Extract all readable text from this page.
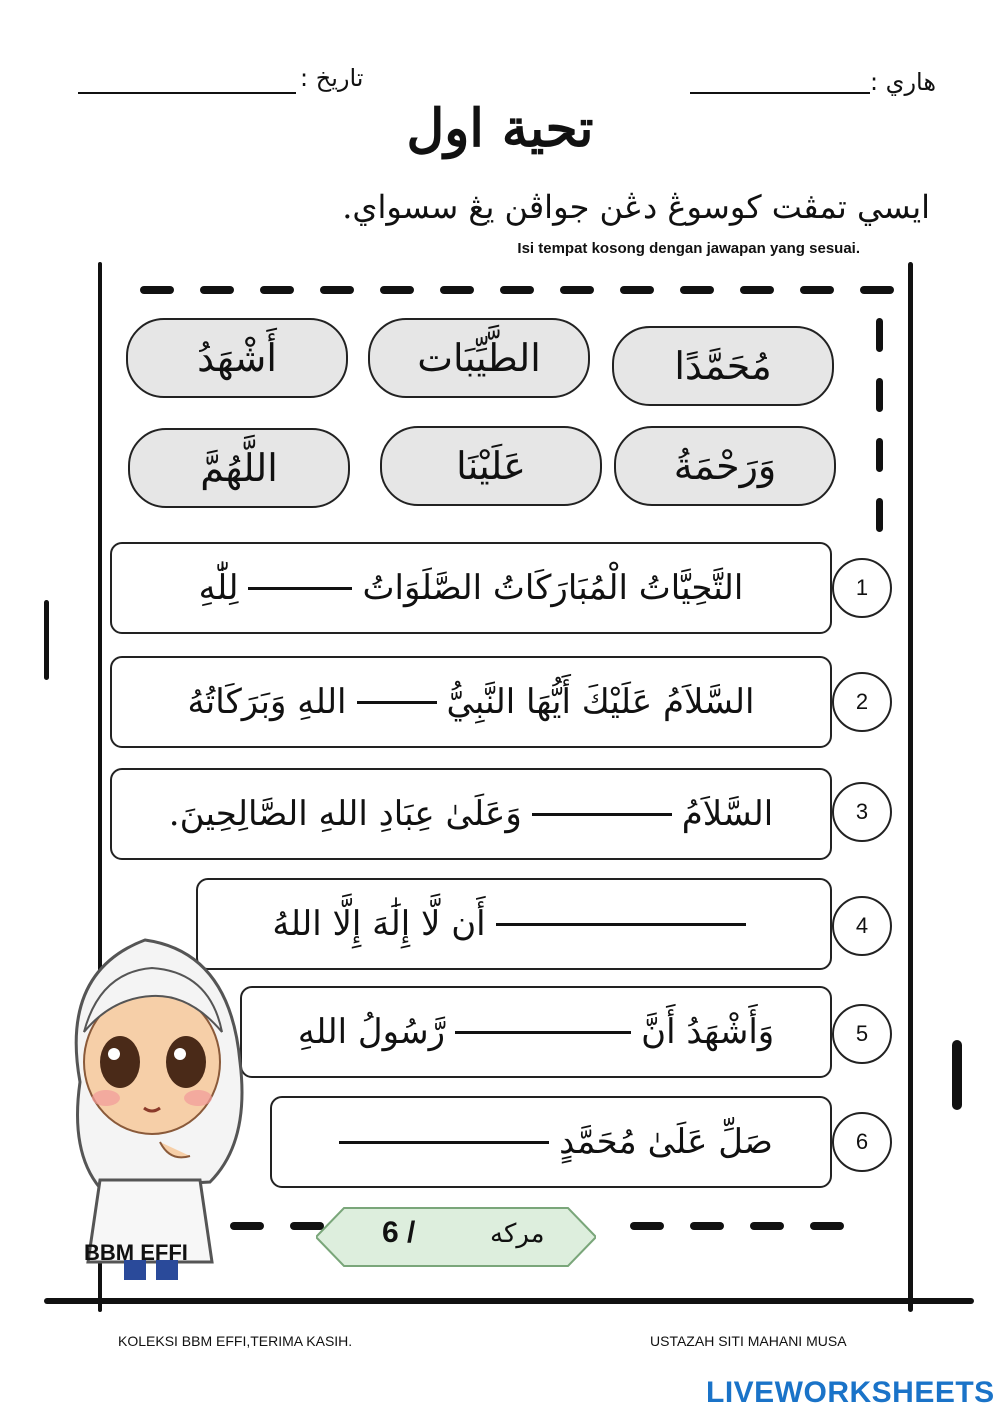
هاري :
تاريخ :
تحية اول
ايسي تمڤت كوسوڠ دڠن جواڤن يڠ سسواي.
Isi tempat kosong dengan jawapan yang sesuai.
مُحَمَّدًا
الطَّيِّبَات
أَشْهَدُ
وَرَحْمَةُ
عَلَيْنَا
اللَّهُمَّ
التَّحِيَّاتُ الْمُبَارَكَاتُ الصَّلَوَاتُ
لِلّٰهِ	1
السَّلاَمُ عَلَيْكَ أَيُّهَا النَّبِيُّ
اللهِ وَبَرَكَاتُهُ	2
السَّلاَمُ
وَعَلَىٰ عِبَادِ اللهِ الصَّالِحِينَ.	3
أَن لَّا إِلَٰهَ إِلَّا اللهُ	4
وَأَشْهَدُ أَنَّ
رَّسُولُ اللهِ	5
صَلِّ عَلَىٰ مُحَمَّدٍ	6
مركه
6 /
BBM EFFI
KOLEKSI BBM EFFI,TERIMA KASIH.	USTAZAH SITI MAHANI MUSA
LIVEWORKSHEETS
